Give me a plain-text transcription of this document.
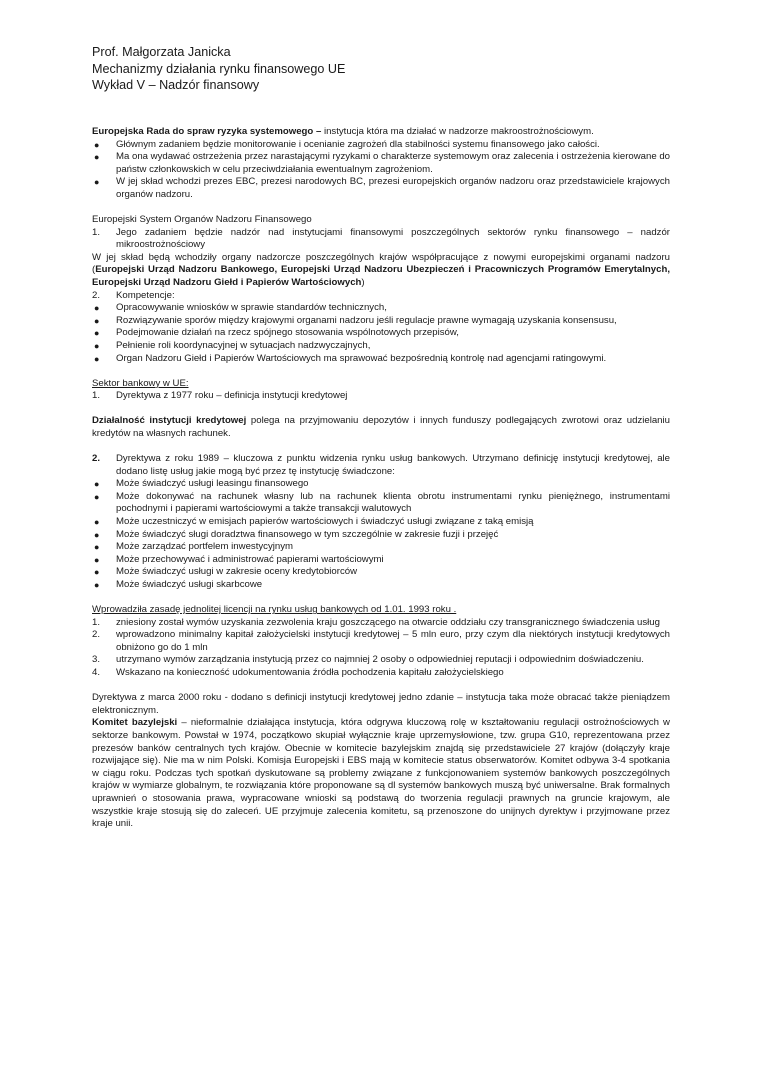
Prof. Małgorzata Janicka
Mechanizmy działania rynku finansowego UE
Wykład V – Nadzór finansowy

Europejska Rada do spraw ryzyka systemowego – instytucja która ma działać w nadzorze makroostrożnościowym.

● Głównym zadaniem będzie monitorowanie i ocenianie zagrożeń dla stabilności systemu finansowego jako całości.
● Ma ona wydawać ostrzeżenia przez narastającymi ryzykami o charakterze systemowym oraz zalecenia i ostrzeżenia kierowane do państw członkowskich w celu przeciwdziałania ewentualnym zagrożeniom.
● W jej skład wchodzi prezes EBC, prezesi narodowych BC, prezesi europejskich organów nadzoru oraz przedstawiciele krajowych organów nadzoru.

Europejski System Organów Nadzoru Finansowego

1. Jego zadaniem będzie nadzór nad instytucjami finansowymi poszczególnych sektorów rynku finansowego – nadzór mikroostrożnościowy

W jej skład będą wchodziły organy nadzorcze poszczególnych krajów współpracujące z nowymi europejskimi organami nadzoru (Europejski Urząd Nadzoru Bankowego, Europejski Urząd Nadzoru Ubezpieczeń i Pracowniczych Programów Emerytalnych, Europejski Urząd Nadzoru Giełd i Papierów Wartościowych)

2. Kompetencje:
● Opracowywanie wniosków w sprawie standardów technicznych,
● Rozwiązywanie sporów między krajowymi organami nadzoru jeśli regulacje prawne wymagają uzyskania konsensusu,
● Podejmowanie działań na rzecz spójnego stosowania wspólnotowych przepisów,
● Pełnienie roli koordynacyjnej w sytuacjach nadzwyczajnych,
● Organ Nadzoru Giełd i Papierów Wartościowych ma sprawować bezpośrednią kontrolę nad agencjami ratingowymi.

Sektor bankowy w UE:

1. Dyrektywa z 1977 roku – definicja instytucji kredytowej

Działalność instytucji kredytowej polega na przyjmowaniu depozytów i innych funduszy podlegających zwrotowi oraz udzielaniu kredytów na własnych rachunek.

2. Dyrektywa z roku 1989 – kluczowa z punktu widzenia rynku usług bankowych. Utrzymano definicję instytucji kredytowej, ale dodano listę usług jakie mogą być przez tę instytucję świadczone:
● Może świadczyć usługi leasingu finansowego
● Może dokonywać na rachunek własny lub na rachunek klienta obrotu instrumentami rynku pieniężnego, instrumentami pochodnymi i papierami wartościowymi a także transakcji walutowych
● Może uczestniczyć w emisjach papierów wartościowych i świadczyć usługi związane z taką emisją
● Może świadczyć sługi doradztwa finansowego w tym szczególnie w zakresie fuzji i przejęć
● Może zarządzać portfelem inwestycyjnym
● Może przechowywać i administrować papierami wartościowymi
● Może świadczyć usługi w zakresie oceny kredytobiorców
● Może świadczyć usługi skarbcowe

Wprowadziła zasadę jednolitej licencji na rynku usług bankowych od 1.01. 1993 roku .

1. zniesiony został wymów uzyskania zezwolenia kraju goszczącego na otwarcie oddziału czy transgranicznego świadczenia usług
2. wprowadzono minimalny kapitał założycielski instytucji kredytowej – 5 mln euro, przy czym dla niektórych instytucji kredytowych obniżono go do 1 mln
3. utrzymano wymów zarządzania instytucją przez co najmniej 2 osoby o odpowiedniej reputacji i odpowiednim doświadczeniu.
4. Wskazano na konieczność udokumentowania źródła pochodzenia kapitału założycielskiego

Dyrektywa z marca 2000 roku - dodano s definicji instytucji kredytowej jedno zdanie – instytucja taka może obracać także pieniądzem elektronicznym.

Komitet bazylejski – nieformalnie działająca instytucja, która odgrywa kluczową rolę w kształtowaniu regulacji ostrożnościowych w sektorze bankowym. Powstał w 1974, początkowo skupiał wyłącznie kraje uprzemysłowione, tzw. grupa G10, reprezentowana przez prezesów banków centralnych tych krajów. Obecnie w komitecie bazylejskim znajdą się przedstawiciele 27 krajów (dołączyły kraje rozwijające się). Nie ma w nim Polski. Komisja Europejski i EBS mają w komitecie status obserwatorów. Komitet odbywa 3-4 spotkania w ciągu roku. Podczas tych spotkań dyskutowane są problemy związane z funkcjonowaniem systemów bankowych poszczególnych krajów w wymiarze globalnym, te rozwiązania które proponowane są dl systemów bankowych muszą być uniwersalne. Brak formalnych uprawnień o stosowania prawa, wypracowane wnioski są podstawą do tworzenia regulacji prawnych na gruncie krajowym, ale wszystkie kraje stosują się do zaleceń. UE przyjmuje zalecenia komitetu, są przenoszone do unijnych dyrektyw i przyjmowane przez kraje unii.
